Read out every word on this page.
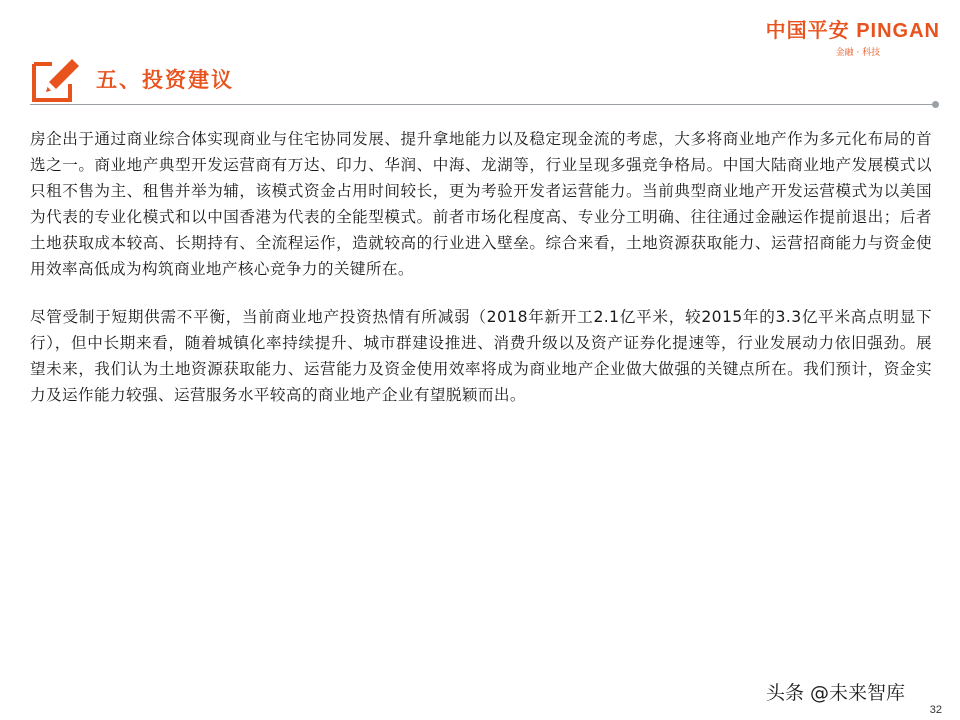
中国平安 PINGAN
金融 · 科技
五、投资建议

房企出于通过商业综合体实现商业与住宅协同发展、提升拿地能力以及稳定现金流的考虑，大多将商业地产作为多元化布局的首选之一。商业地产典型开发运营商有万达、印力、华润、中海、龙湖等，行业呈现多强竞争格局。中国大陆商业地产发展模式以只租不售为主、租售并举为辅，该模式资金占用时间较长，更为考验开发者运营能力。当前典型商业地产开发运营模式为以美国为代表的专业化模式和以中国香港为代表的全能型模式。前者市场化程度高、专业分工明确、往往通过金融运作提前退出；后者土地获取成本较高、长期持有、全流程运作，造就较高的行业进入壁垒。综合来看，土地资源获取能力、运营招商能力与资金使用效率高低成为构筑商业地产核心竞争力的关键所在。

尽管受制于短期供需不平衡，当前商业地产投资热情有所减弱（2018年新开工2.1亿平米，较2015年的3.3亿平米高点明显下行），但中长期来看，随着城镇化率持续提升、城市群建设推进、消费升级以及资产证券化提速等，行业发展动力依旧强劲。展望未来，我们认为土地资源获取能力、运营能力及资金使用效率将成为商业地产企业做大做强的关键点所在。我们预计，资金实力及运作能力较强、运营服务水平较高的商业地产企业有望脱颖而出。

头条 @未来智库
32
